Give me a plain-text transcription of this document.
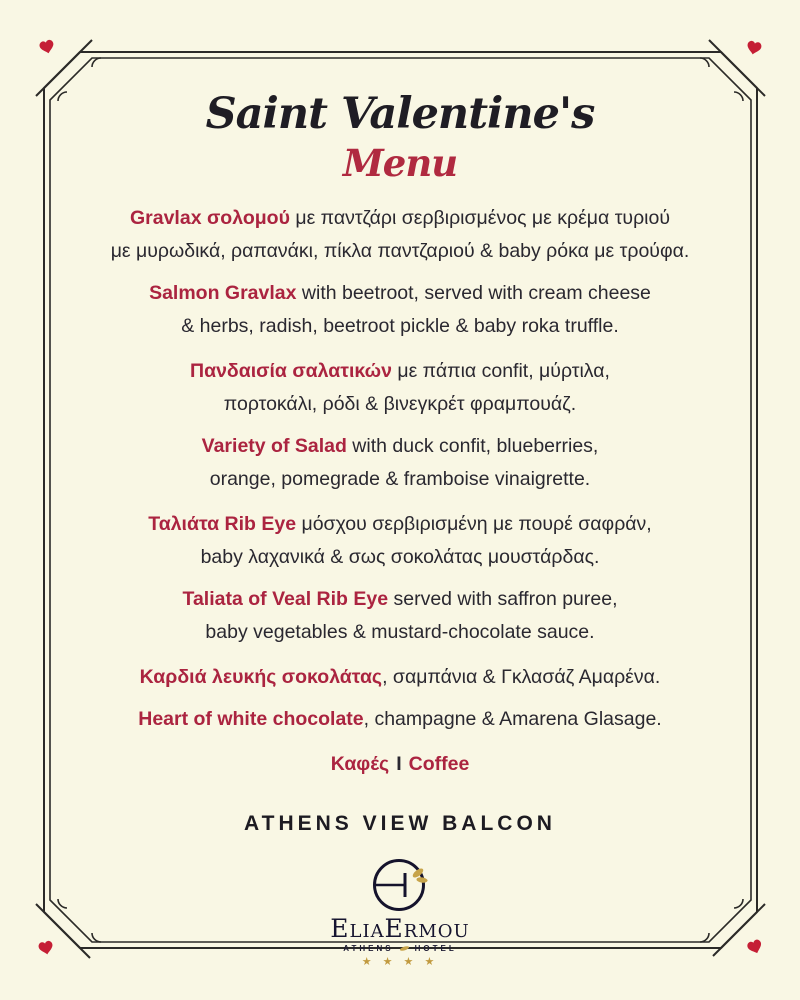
Saint Valentine's
Menu

Gravlax σολομού με παντζάρι σερβιρισμένος με κρέμα τυριού
με μυρωδικά, ραπανάκι, πίκλα παντζαριού & baby ρόκα με τρούφα.

Salmon Gravlax with beetroot, served with cream cheese
& herbs, radish, beetroot pickle & baby roka truffle.

Πανδαισία σαλατικών με πάπια confit, μύρτιλα,
πορτοκάλι, ρόδι & βινεγκρέτ φραμπουάζ.

Variety of Salad with duck confit, blueberries,
orange, pomegrade & framboise vinaigrette.

Ταλιάτα Rib Eye μόσχου σερβιρισμένη με πουρέ σαφράν,
baby λαχανικά & σως σοκολάτας μουστάρδας.

Taliata of Veal Rib Eye served with saffron puree,
baby vegetables & mustard-chocolate sauce.

Καρδιά λευκής σοκολάτας, σαμπάνια & Γκλασάζ Αμαρένα.

Heart of white chocolate, champagne & Amarena Glasage.

Καφές I Coffee

ATHENS VIEW BALCON

EliaErmou

ATHENS	HOTEL

★ ★ ★ ★
